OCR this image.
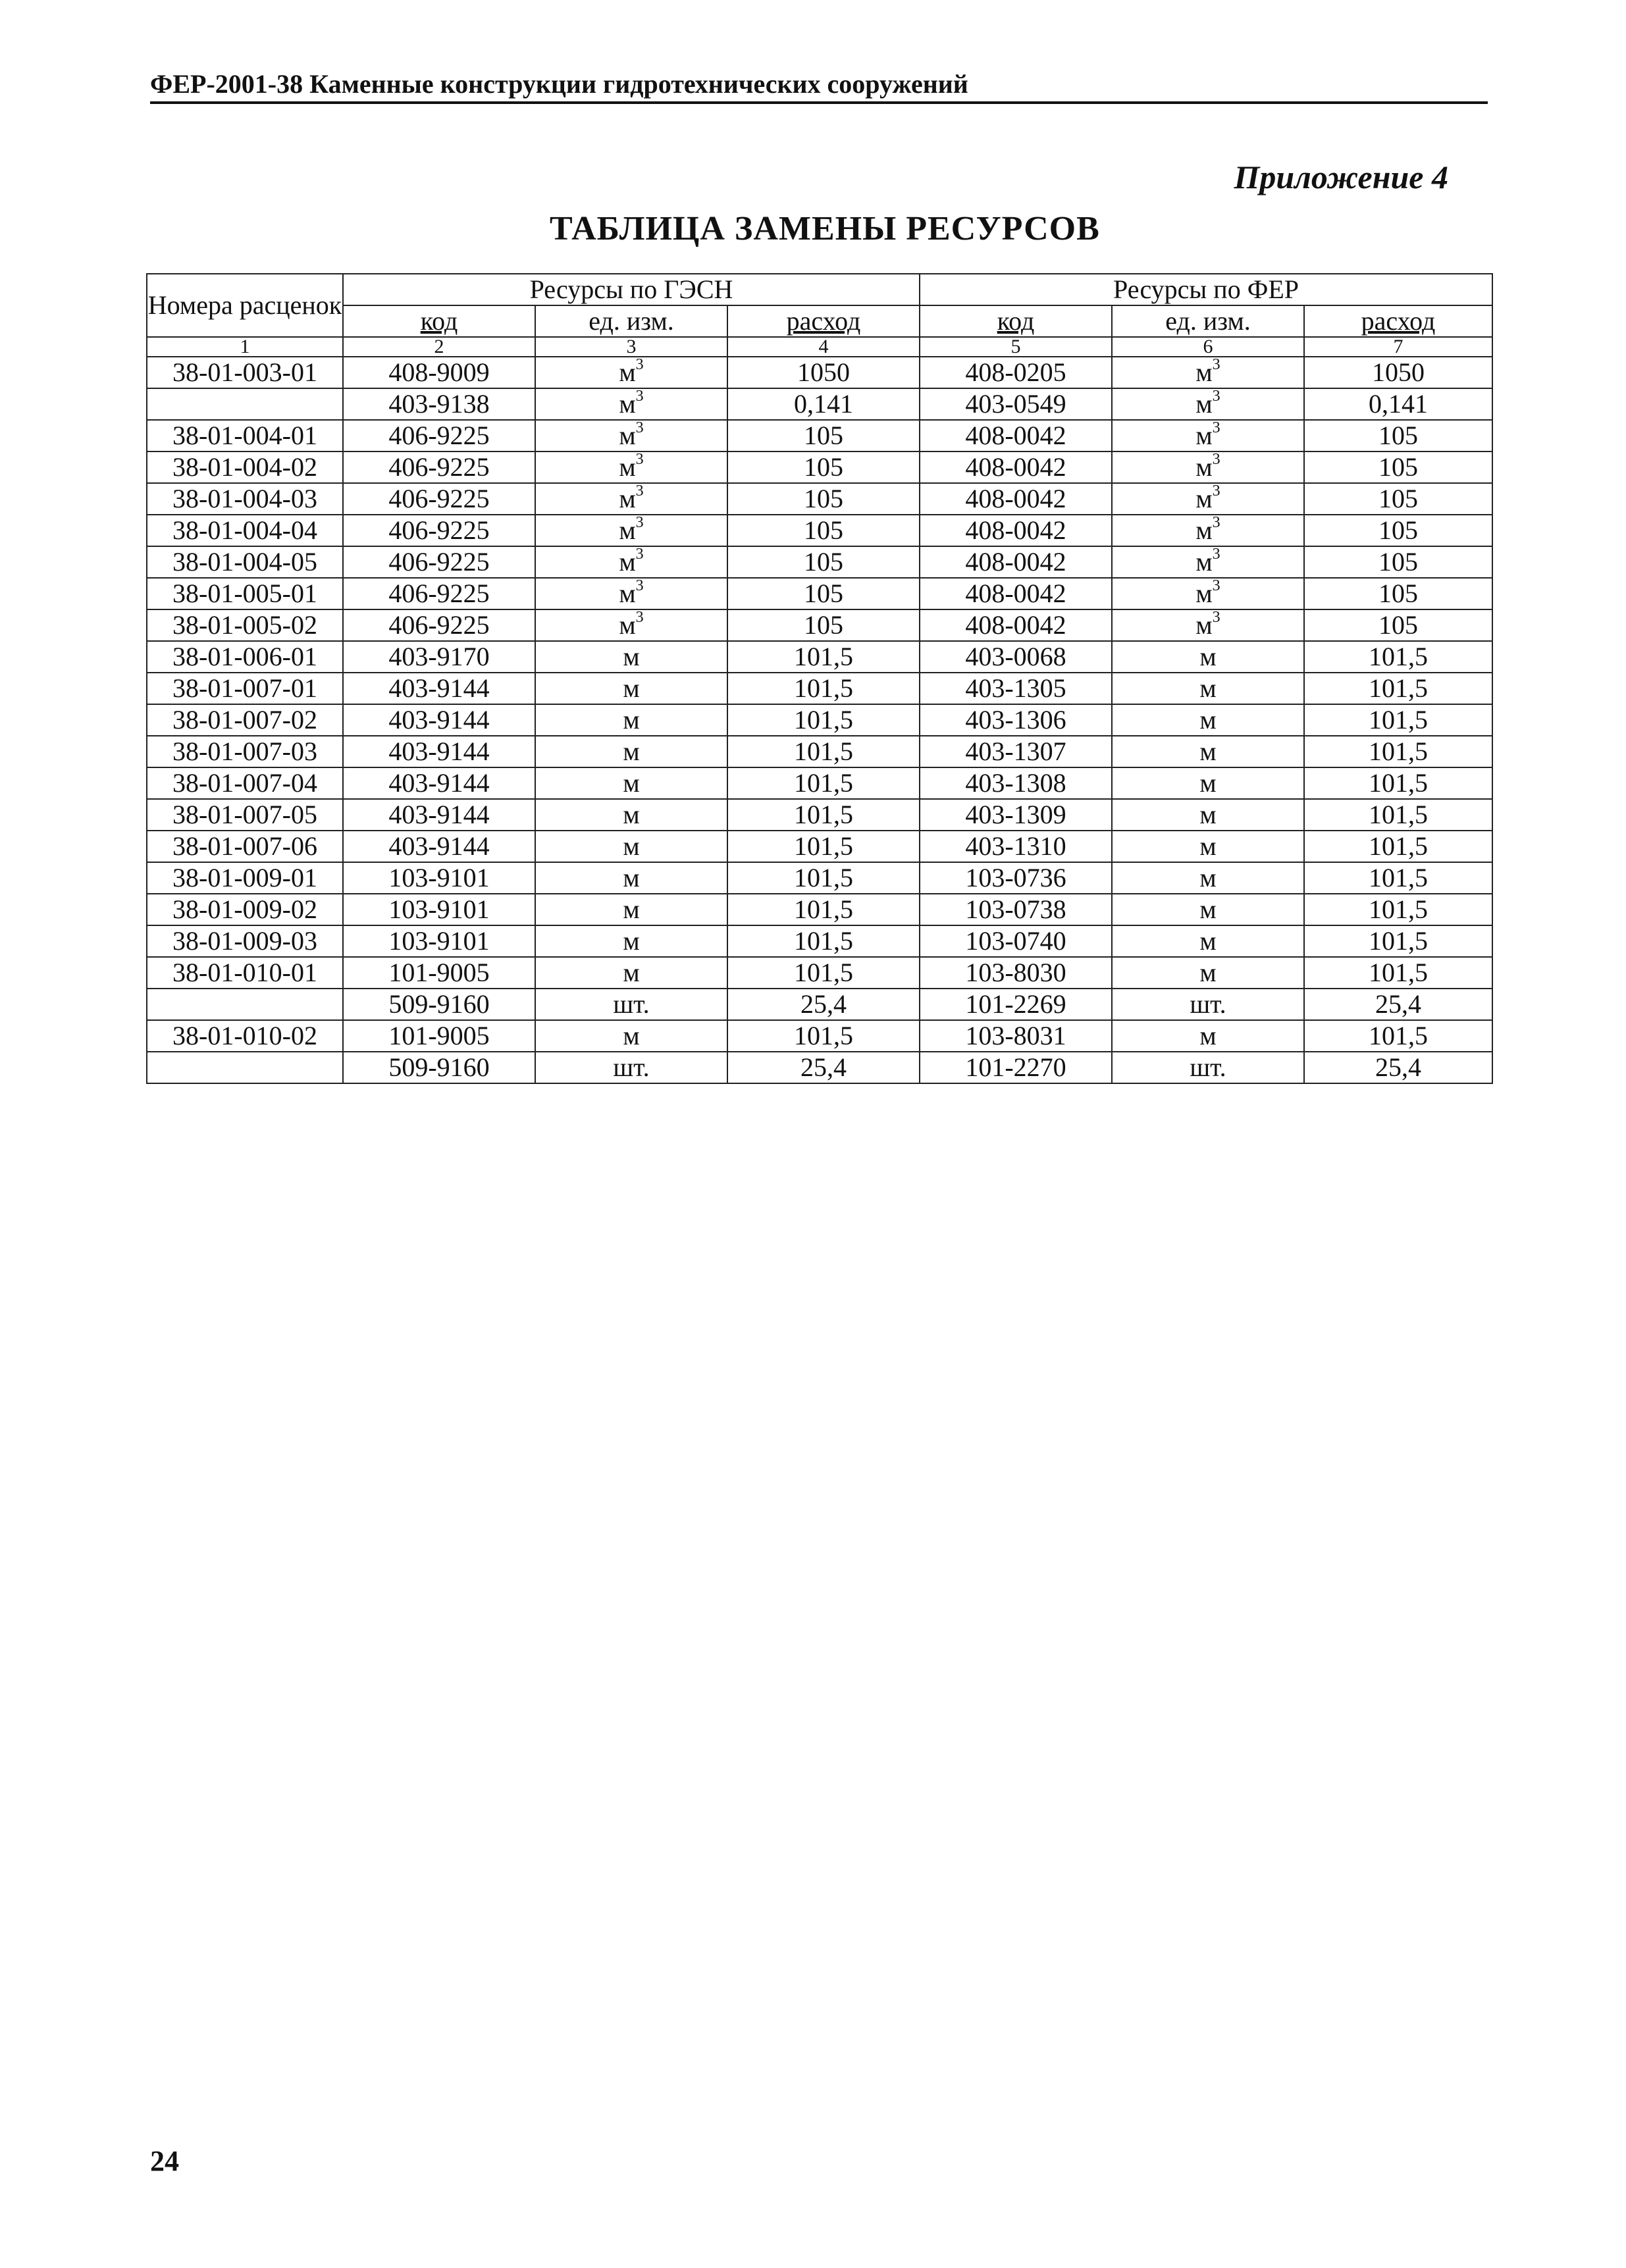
ФЕР-2001-38 Каменные конструкции гидротехнических сооружений
Приложение 4
ТАБЛИЦА ЗАМЕНЫ РЕСУРСОВ
Номера расценок	Ресурсы по ГЭСН			Ресурсы по ФЕР		
	код	ед. изм.	расход	код	ед. изм.	расход
1	2	3	4	5	6	7
38-01-003-01	408-9009	$м^3$	1050	408-0205	$м^3$	1050
	403-9138	$м^3$	0,141	403-0549	$м^3$	0,141
38-01-004-01	406-9225	$м^3$	105	408-0042	$м^3$	105
38-01-004-02	406-9225	$м^3$	105	408-0042	$м^3$	105
38-01-004-03	406-9225	$м^3$	105	408-0042	$м^3$	105
38-01-004-04	406-9225	$м^3$	105	408-0042	$м^3$	105
38-01-004-05	406-9225	$м^3$	105	408-0042	$м^3$	105
38-01-005-01	406-9225	$м^3$	105	408-0042	$м^3$	105
38-01-005-02	406-9225	$м^3$	105	408-0042	$м^3$	105
38-01-006-01	403-9170	м	101,5	403-0068	м	101,5
38-01-007-01	403-9144	м	101,5	403-1305	м	101,5
38-01-007-02	403-9144	м	101,5	403-1306	м	101,5
38-01-007-03	403-9144	м	101,5	403-1307	м	101,5
38-01-007-04	403-9144	м	101,5	403-1308	м	101,5
38-01-007-05	403-9144	м	101,5	403-1309	м	101,5
38-01-007-06	403-9144	м	101,5	403-1310	м	101,5
38-01-009-01	103-9101	м	101,5	103-0736	м	101,5
38-01-009-02	103-9101	м	101,5	103-0738	м	101,5
38-01-009-03	103-9101	м	101,5	103-0740	м	101,5
38-01-010-01	101-9005	м	101,5	103-8030	м	101,5
	509-9160	шт.	25,4	101-2269	шт.	25,4
38-01-010-02	101-9005	м	101,5	103-8031	м	101,5
	509-9160	шт.	25,4	101-2270	шт.	25,4
24
